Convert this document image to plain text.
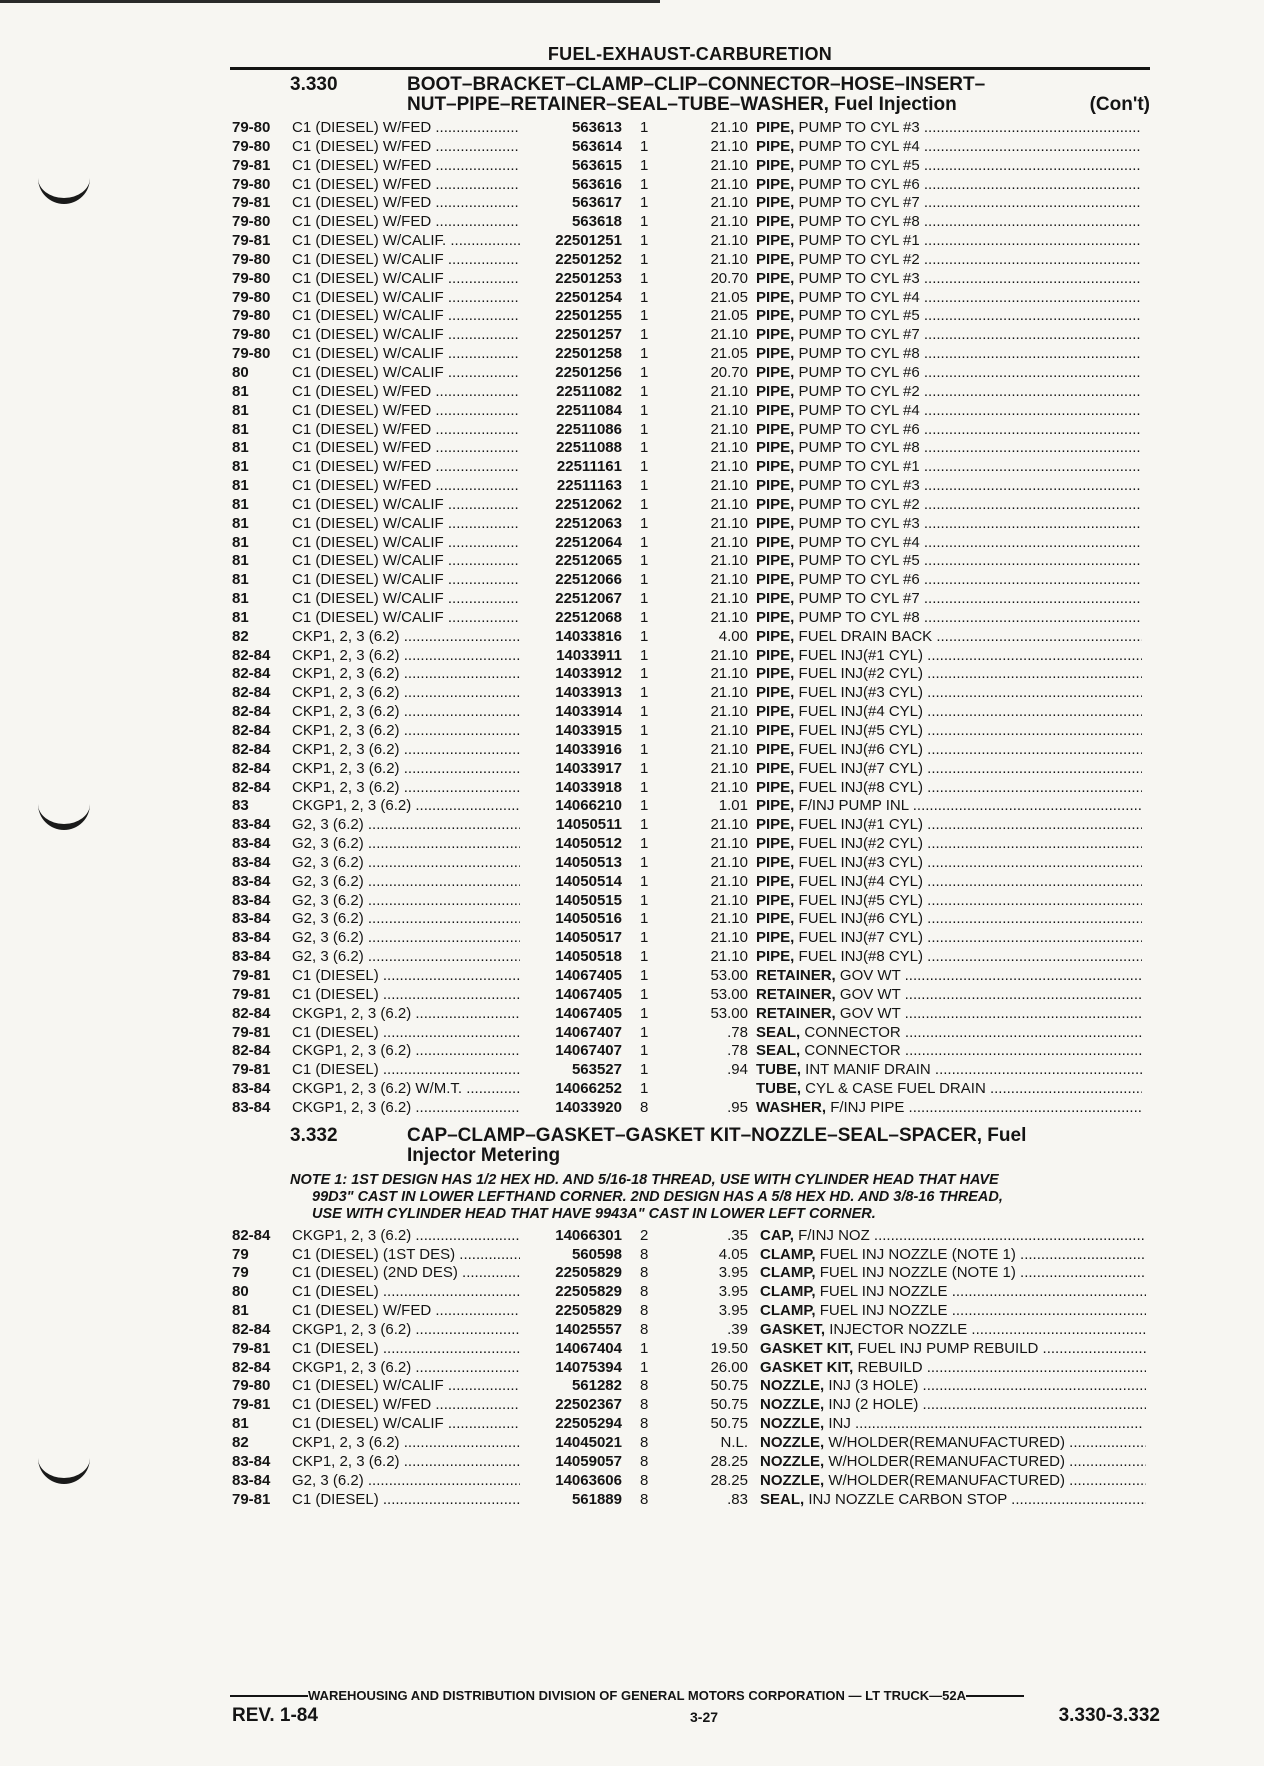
FUEL-EXHAUST-CARBURETION
3.330	BOOT–BRACKET–CLAMP–CLIP–CONNECTOR–HOSE–INSERT–
NUT–PIPE–RETAINER–SEAL–TUBE–WASHER, Fuel Injection	(Con't)
79-80	C1 (DIESEL) W/FED .....	563613 1	21.10 PIPE, PUMP TO CYL #3 .....
79-80	C1 (DIESEL) W/FED .....	563614 1	21.10 PIPE, PUMP TO CYL #4 .....
79-81	C1 (DIESEL) W/FED .....	563615 1	21.10 PIPE, PUMP TO CYL #5 .....
79-80	C1 (DIESEL) W/FED .....	563616 1	21.10 PIPE, PUMP TO CYL #6 .....
79-81	C1 (DIESEL) W/FED .....	563617 1	21.10 PIPE, PUMP TO CYL #7 .....
79-80	C1 (DIESEL) W/FED .....	563618 1	21.10 PIPE, PUMP TO CYL #8 .....
79-81	C1 (DIESEL) W/CALIF. .....	22501251 1	21.10 PIPE, PUMP TO CYL #1 .....
79-80	C1 (DIESEL) W/CALIF .....	22501252 1	21.10 PIPE, PUMP TO CYL #2 .....
79-80	C1 (DIESEL) W/CALIF .....	22501253 1	20.70 PIPE, PUMP TO CYL #3 .....
79-80	C1 (DIESEL) W/CALIF .....	22501254 1	21.05 PIPE, PUMP TO CYL #4 .....
79-80	C1 (DIESEL) W/CALIF .....	22501255 1	21.05 PIPE, PUMP TO CYL #5 .....
79-80	C1 (DIESEL) W/CALIF .....	22501257 1	21.10 PIPE, PUMP TO CYL #7 .....
79-80	C1 (DIESEL) W/CALIF .....	22501258 1	21.05 PIPE, PUMP TO CYL #8 .....
80	C1 (DIESEL) W/CALIF .....	22501256 1	20.70 PIPE, PUMP TO CYL #6 .....
81	C1 (DIESEL) W/FED .....	22511082 1	21.10 PIPE, PUMP TO CYL #2 .....
81	C1 (DIESEL) W/FED .....	22511084 1	21.10 PIPE, PUMP TO CYL #4 .....
81	C1 (DIESEL) W/FED .....	22511086 1	21.10 PIPE, PUMP TO CYL #6 .....
81	C1 (DIESEL) W/FED .....	22511088 1	21.10 PIPE, PUMP TO CYL #8 .....
81	C1 (DIESEL) W/FED .....	22511161 1	21.10 PIPE, PUMP TO CYL #1 .....
81	C1 (DIESEL) W/FED .....	22511163 1	21.10 PIPE, PUMP TO CYL #3 .....
81	C1 (DIESEL) W/CALIF .....	22512062 1	21.10 PIPE, PUMP TO CYL #2 .....
81	C1 (DIESEL) W/CALIF .....	22512063 1	21.10 PIPE, PUMP TO CYL #3 .....
81	C1 (DIESEL) W/CALIF .....	22512064 1	21.10 PIPE, PUMP TO CYL #4 .....
81	C1 (DIESEL) W/CALIF .....	22512065 1	21.10 PIPE, PUMP TO CYL #5 .....
81	C1 (DIESEL) W/CALIF .....	22512066 1	21.10 PIPE, PUMP TO CYL #6 .....
81	C1 (DIESEL) W/CALIF .....	22512067 1	21.10 PIPE, PUMP TO CYL #7 .....
81	C1 (DIESEL) W/CALIF .....	22512068 1	21.10 PIPE, PUMP TO CYL #8 .....
82	CKP1, 2, 3 (6.2) .....	14033816 1	4.00 PIPE, FUEL DRAIN BACK .....
82-84	CKP1, 2, 3 (6.2) .....	14033911 1	21.10 PIPE, FUEL INJ(#1 CYL) .....
82-84	CKP1, 2, 3 (6.2) .....	14033912 1	21.10 PIPE, FUEL INJ(#2 CYL) .....
82-84	CKP1, 2, 3 (6.2) .....	14033913 1	21.10 PIPE, FUEL INJ(#3 CYL) .....
82-84	CKP1, 2, 3 (6.2) .....	14033914 1	21.10 PIPE, FUEL INJ(#4 CYL) .....
82-84	CKP1, 2, 3 (6.2) .....	14033915 1	21.10 PIPE, FUEL INJ(#5 CYL) .....
82-84	CKP1, 2, 3 (6.2) .....	14033916 1	21.10 PIPE, FUEL INJ(#6 CYL) .....
82-84	CKP1, 2, 3 (6.2) .....	14033917 1	21.10 PIPE, FUEL INJ(#7 CYL) .....
82-84	CKP1, 2, 3 (6.2) .....	14033918 1	21.10 PIPE, FUEL INJ(#8 CYL) .....
83	CKGP1, 2, 3 (6.2) .....	14066210 1	1.01 PIPE, F/INJ PUMP INL .....
83-84	G2, 3 (6.2) .....	14050511 1	21.10 PIPE, FUEL INJ(#1 CYL) .....
83-84	G2, 3 (6.2) .....	14050512 1	21.10 PIPE, FUEL INJ(#2 CYL) .....
83-84	G2, 3 (6.2) .....	14050513 1	21.10 PIPE, FUEL INJ(#3 CYL) .....
83-84	G2, 3 (6.2) .....	14050514 1	21.10 PIPE, FUEL INJ(#4 CYL) .....
83-84	G2, 3 (6.2) .....	14050515 1	21.10 PIPE, FUEL INJ(#5 CYL) .....
83-84	G2, 3 (6.2) .....	14050516 1	21.10 PIPE, FUEL INJ(#6 CYL) .....
83-84	G2, 3 (6.2) .....	14050517 1	21.10 PIPE, FUEL INJ(#7 CYL) .....
83-84	G2, 3 (6.2) .....	14050518 1	21.10 PIPE, FUEL INJ(#8 CYL) .....
79-81	C1 (DIESEL) .....	14067405 1	53.00 RETAINER, GOV WT .....
79-81	C1 (DIESEL) .....	14067405 1	53.00 RETAINER, GOV WT .....
82-84	CKGP1, 2, 3 (6.2) .....	14067405 1	53.00 RETAINER, GOV WT .....
79-81	C1 (DIESEL) .....	14067407 1	.78 SEAL, CONNECTOR .....
82-84	CKGP1, 2, 3 (6.2) .....	14067407 1	.78 SEAL, CONNECTOR .....
79-81	C1 (DIESEL) .....	563527 1	.94 TUBE, INT MANIF DRAIN .....
83-84	CKGP1, 2, 3 (6.2) W/M.T. .....	14066252 1	TUBE, CYL & CASE FUEL DRAIN .....
83-84	CKGP1, 2, 3 (6.2) .....	14033920 8	.95 WASHER, F/INJ PIPE .....
3.332	CAP–CLAMP–GASKET–GASKET KIT–NOZZLE–SEAL–SPACER, Fuel
Injector Metering

NOTE 1: 1ST DESIGN HAS 1/2 HEX HD. AND 5/16-18 THREAD, USE WITH CYLINDER HEAD THAT HAVE

99D3" CAST IN LOWER LEFTHAND CORNER. 2ND DESIGN HAS A 5/8 HEX HD. AND 3/8-16 THREAD,

USE WITH CYLINDER HEAD THAT HAVE 9943A" CAST IN LOWER LEFT CORNER.

82-84	CKGP1, 2, 3 (6.2) .....	14066301 2	.35 CAP, F/INJ NOZ .....
79	C1 (DIESEL) (1ST DES) .....	560598 8	4.05 CLAMP, FUEL INJ NOZZLE (NOTE 1) .....
79	C1 (DIESEL) (2ND DES) .....	22505829 8	3.95 CLAMP, FUEL INJ NOZZLE (NOTE 1) .....
80	C1 (DIESEL) .....	22505829 8	3.95 CLAMP, FUEL INJ NOZZLE .....
81	C1 (DIESEL) W/FED .....	22505829 8	3.95 CLAMP, FUEL INJ NOZZLE .....
82-84	CKGP1, 2, 3 (6.2) .....	14025557 8	.39 GASKET, INJECTOR NOZZLE .....
79-81	C1 (DIESEL) .....	14067404 1	19.50 GASKET KIT, FUEL INJ PUMP REBUILD .....
82-84	CKGP1, 2, 3 (6.2) .....	14075394 1	26.00 GASKET KIT, REBUILD .....
79-80	C1 (DIESEL) W/CALIF .....	561282 8	50.75 NOZZLE, INJ (3 HOLE) .....
79-81	C1 (DIESEL) W/FED .....	22502367 8	50.75 NOZZLE, INJ (2 HOLE) .....
81	C1 (DIESEL) W/CALIF .....	22505294 8	50.75 NOZZLE, INJ .....
82	CKP1, 2, 3 (6.2) .....	14045021 8	N.L. NOZZLE, W/HOLDER(REMANUFACTURED) .....
83-84	CKP1, 2, 3 (6.2) .....	14059057 8	28.25 NOZZLE, W/HOLDER(REMANUFACTURED) .....
83-84	G2, 3 (6.2) .....	14063606 8	28.25 NOZZLE, W/HOLDER(REMANUFACTURED) .....
79-81	C1 (DIESEL) .....	561889 8	.83 SEAL, INJ NOZZLE CARBON STOP .....
WAREHOUSING AND DISTRIBUTION DIVISION OF GENERAL MOTORS CORPORATION — LT TRUCK—52A
REV. 1-84	3-27	3.330-3.332
